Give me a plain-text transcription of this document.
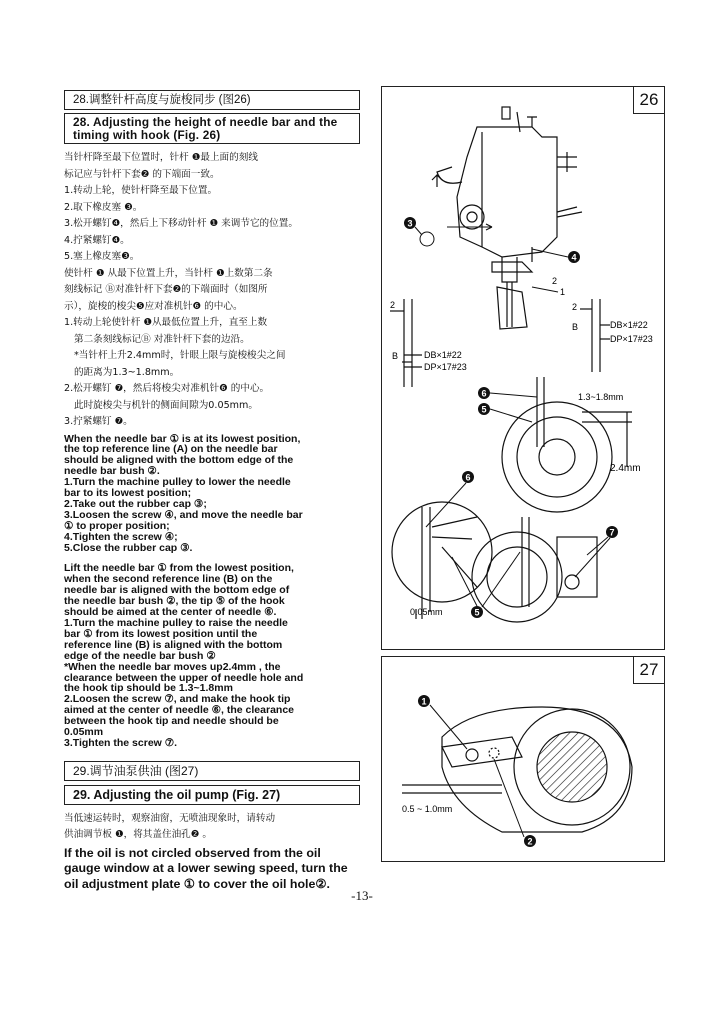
28.调整针杆高度与旋梭同步 (图26)
28. Adjusting the height of needle bar and the timing with hook (Fig. 26)
当针杆降至最下位置时，针杆 ❶最上面的刻线
标记应与针杆下套❷ 的下端面一致。
1.转动上轮，使针杆降至最下位置。
2.取下橡皮塞 ❸。
3.松开螺钉❹，然后上下移动针杆 ❶ 来调节它的位置。
4.拧紧螺钉❹。
5.塞上橡皮塞❸。
使针杆 ❶ 从最下位置上升，当针杆 ❶上数第二条
刻线标记 Ⓑ对准针杆下套❷的下端面时（如图所
示），旋梭的梭尖❺应对准机针❻ 的中心。
1.转动上轮使针杆 ❶从最低位置上升，直至上数
第二条刻线标记Ⓑ 对准针杆下套的边沿。
*当针杆上升2.4mm时，针眼上限与旋梭梭尖之间
的距离为1.3~1.8mm。
2.松开螺钉 ❼，然后将梭尖对准机针❻ 的中心。
此时旋梭尖与机针的侧面间隙为0.05mm。
3.拧紧螺钉 ❼。
When the needle bar ① is at its lowest position,
the top reference line (A) on the needle bar
should be aligned with the bottom edge of the
needle bar bush ②.
1.Turn the machine pulley to lower the needle
bar to its lowest position;
2.Take out the rubber cap ③;
3.Loosen the screw ④, and move the needle bar
① to proper position;
4.Tighten the screw ④;
5.Close the rubber cap ③.
Lift the needle bar ① from the lowest position,
when the second reference line (B) on the
needle bar is aligned with the bottom edge of
the needle bar bush ②, the tip ⑤ of the hook
should be aimed at the center of needle ⑥.
1.Turn the machine pulley to raise the needle
bar ① from its lowest position until the
reference line (B) is aligned with the bottom
edge of the needle bar bush ②
*When the needle bar moves up2.4mm , the
clearance between the upper of needle hole and
the hook tip should be 1.3~1.8mm
2.Loosen the screw ⑦, and make the hook tip
aimed at the center of needle ⑥, the clearance
between the hook tip and needle should be
0.05mm
3.Tighten the screw ⑦.
29.调节油泵供油 (图27)
29. Adjusting the oil pump (Fig. 27)
当低速运转时，观察油窗，无喷油现象时，请转动
供油调节板 ❶，将其盖住油孔❷ 。
If the oil is not circled observed from the oil
gauge window at a lower sewing speed, turn the
oil adjustment plate ① to cover the oil hole②.
26
3
4
1
2
2
B	DB×1#22
DP×17#23
2
B	DB×1#22
DP×17#23
1.3~1.8mm
2.4mm
6
5
0.05mm
6
7
5
27
1
2
0.5 ~ 1.0mm
-13-
